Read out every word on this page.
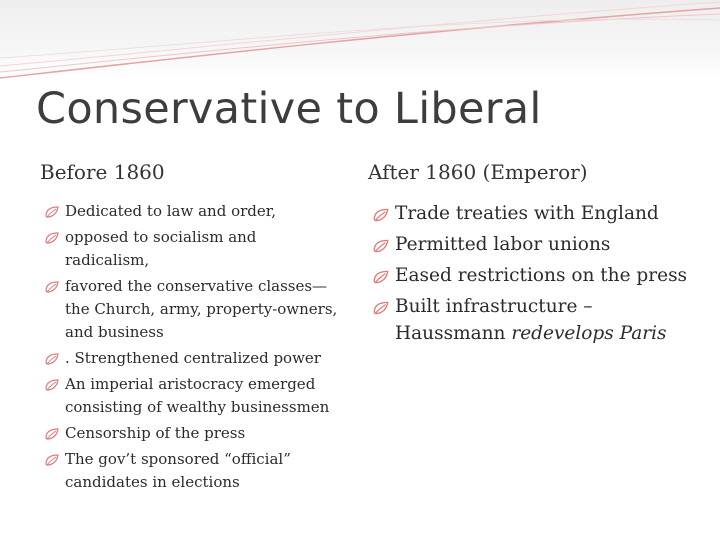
Conservative to Liberal
Before 1860	After 1860 (Emperor)
Dedicated to law and order,
opposed to socialism and radicalism,
favored the conservative classes—the Church, army, property-owners, and business
. Strengthened centralized power
An imperial aristocracy emerged consisting of wealthy businessmen
Censorship of the press
The gov’t sponsored “official” candidates in elections
Trade treaties with England
Permitted labor unions
Eased restrictions on the press
Built infrastructure –
Haussmann redevelops Paris
